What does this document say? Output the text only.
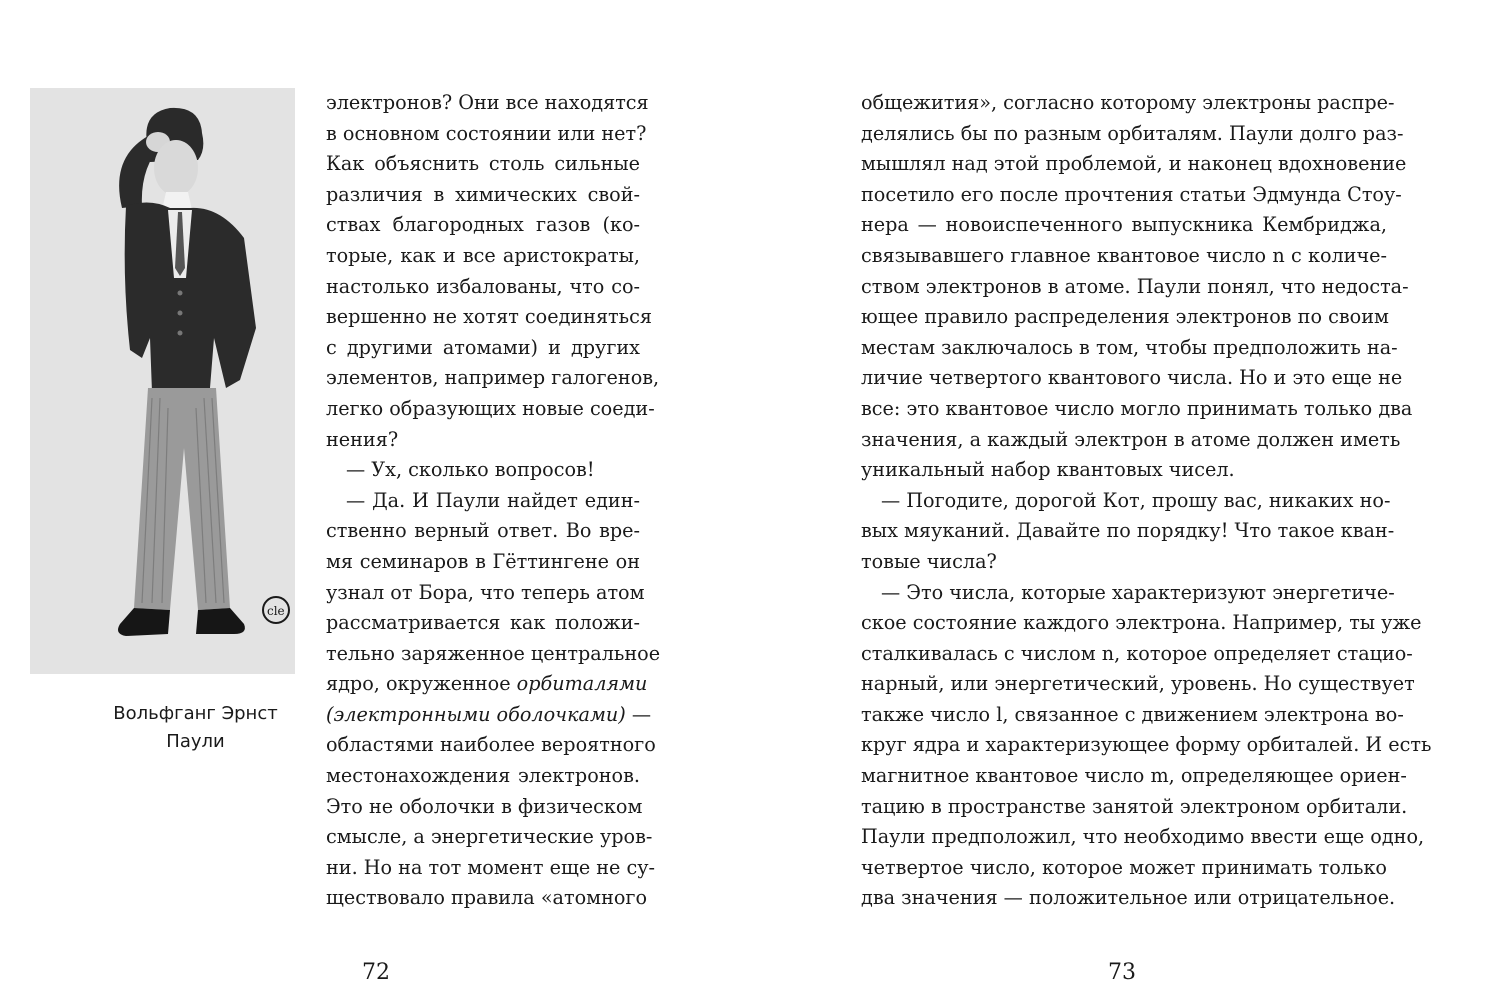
cle
Вольфганг Эрнст Паули
электронов? Они все находятся
в основном состоянии или нет?
Как объяснить столь сильные
различия в химических свой-
ствах благородных газов (ко-
торые, как и все аристократы,
настолько избалованы, что со-
вершенно не хотят соединяться
с другими атомами) и других
элементов, например галогенов,
легко образующих новые соеди-
нения?
— Ух, сколько вопросов!
— Да. И Паули найдет един-
ственно верный ответ. Во вре-
мя семинаров в Гёттингене он
узнал от Бора, что теперь атом
рассматривается как положи-
тельно заряженное центральное
ядро, окруженное орбиталями
(электронными оболочками) —
областями наиболее вероятного
местонахождения электронов.
Это не оболочки в физическом
смысле, а энергетические уров-
ни. Но на тот момент еще не су-
ществовало правила «атомного
72
общежития», согласно которому электроны распре-
делялись бы по разным орбиталям. Паули долго раз-
мышлял над этой проблемой, и наконец вдохновение
посетило его после прочтения статьи Эдмунда Стоу-
нера — новоиспеченного выпускника Кембриджа,
связывавшего главное квантовое число n с количе-
ством электронов в атоме. Паули понял, что недоста-
ющее правило распределения электронов по своим
местам заключалось в том, чтобы предположить на-
личие четвертого квантового числа. Но и это еще не
все: это квантовое число могло принимать только два
значения, а каждый электрон в атоме должен иметь
уникальный набор квантовых чисел.
— Погодите, дорогой Кот, прошу вас, никаких но-
вых мяуканий. Давайте по порядку! Что такое кван-
товые числа?
— Это числа, которые характеризуют энергетиче-
ское состояние каждого электрона. Например, ты уже
сталкивалась с числом n, которое определяет стацио-
нарный, или энергетический, уровень. Но существует
также число l, связанное с движением электрона во-
круг ядра и характеризующее форму орбиталей. И есть
магнитное квантовое число m, определяющее ориен-
тацию в пространстве занятой электроном орбитали.
Паули предположил, что необходимо ввести еще одно,
четвертое число, которое может принимать только
два значения — положительное или отрицательное.
73
